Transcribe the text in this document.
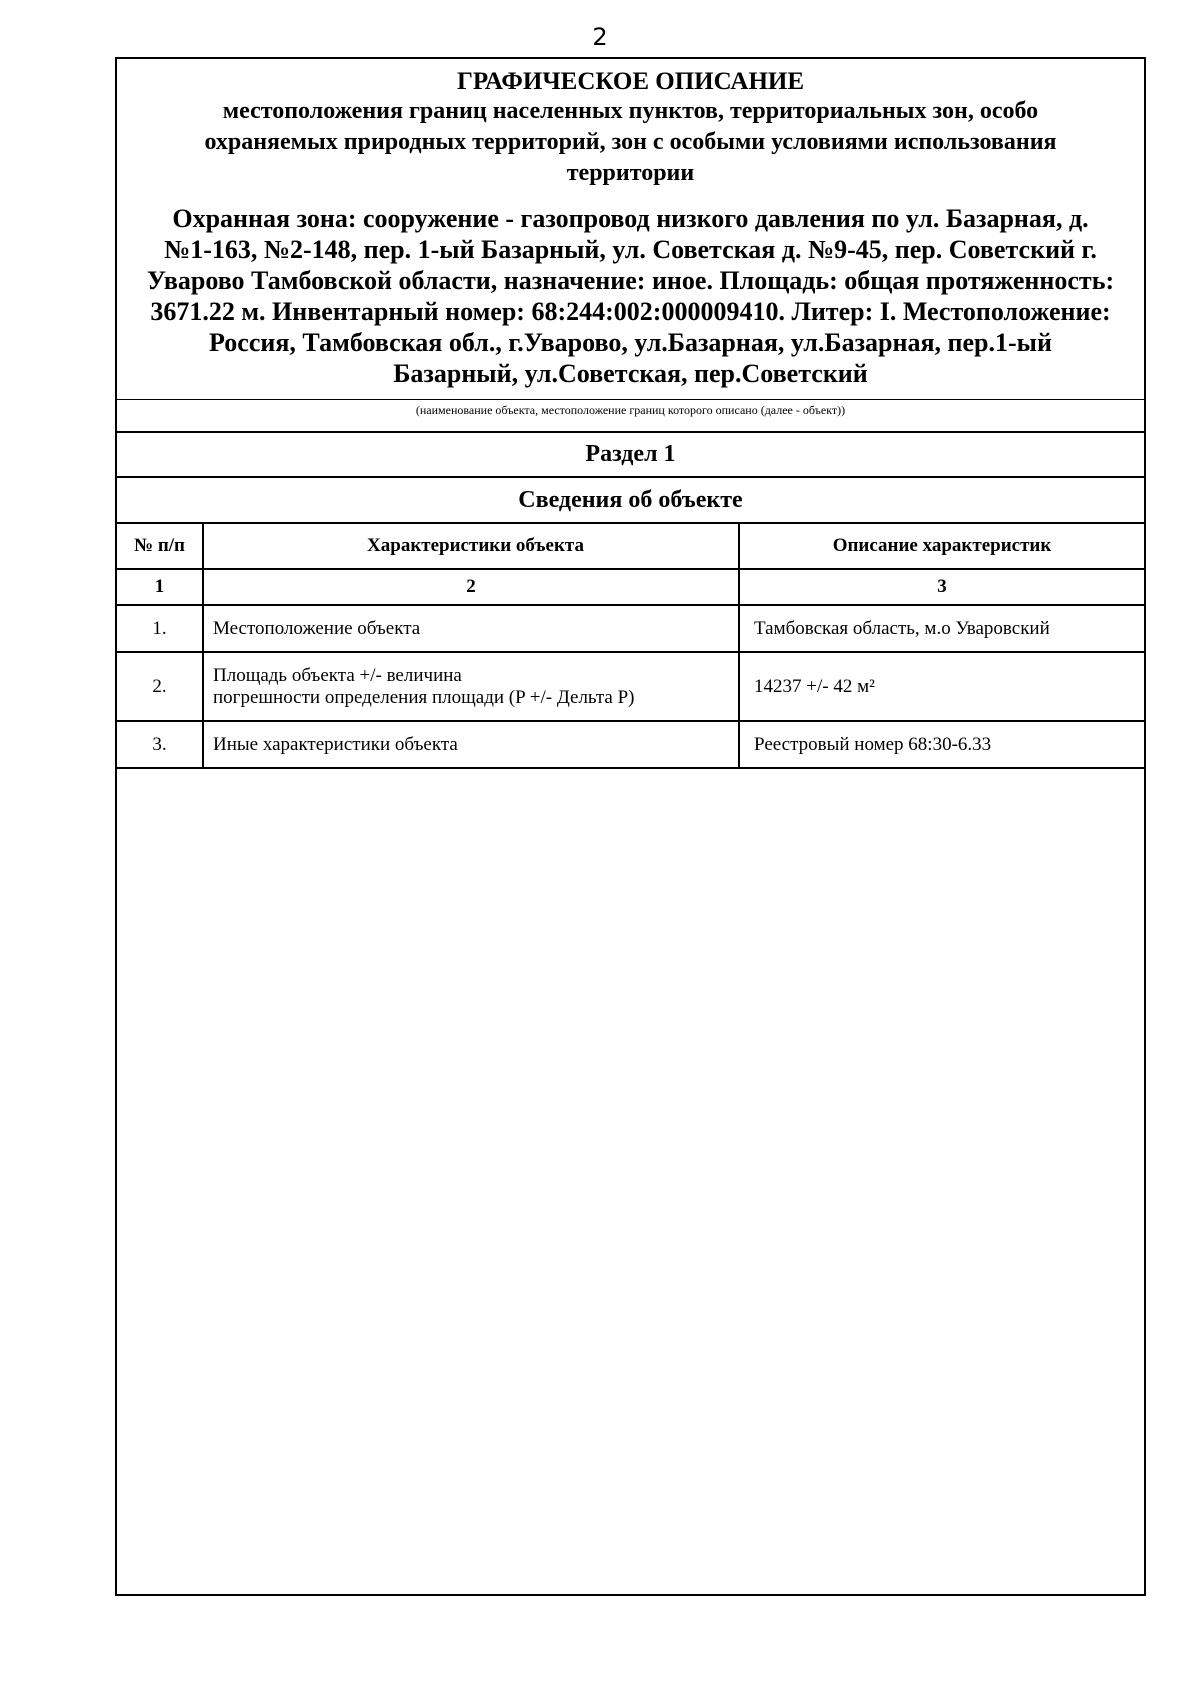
2
ГРАФИЧЕСКОЕ ОПИСАНИЕ
местоположения границ населенных пунктов, территориальных зон, особо
охраняемых природных территорий, зон с особыми условиями использования
территории
Охранная зона: сооружение - газопровод низкого давления по ул. Базарная, д.
№1-163, №2-148, пер. 1-ый Базарный, ул. Советская д. №9-45, пер. Советский г.
Уварово Тамбовской области, назначение: иное. Площадь: общая протяженность:
3671.22 м. Инвентарный номер: 68:244:002:000009410. Литер: I. Местоположение:
Россия, Тамбовская обл., г.Уварово, ул.Базарная, ул.Базарная, пер.1-ый
Базарный, ул.Советская, пер.Советский
(наименование объекта, местоположение границ которого описано (далее - объект))
Раздел 1
Сведения об объекте
№ п/п	Характеристики объекта	Описание характеристик
1	2	3
1.	Местоположение объекта	Тамбовская область, м.о Уваровский
2.	Площадь объекта +/- величина
погрешности определения площади (P +/- Дельта P)	14237 +/- 42 м²
3.	Иные характеристики объекта	Реестровый номер 68:30-6.33
